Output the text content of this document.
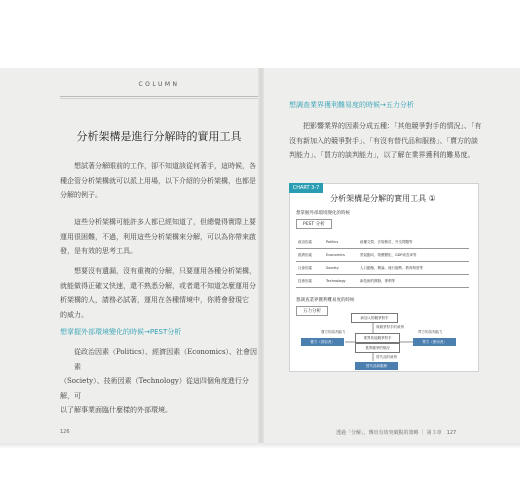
COLUMN
分析架構是進行分解時的實用工具
想試著分解眼前的工作，卻不知道該從何著手，這時候，各
種企管分析架構就可以派上用場，以下介紹的分析架構，也都是
分解的例子。
這些分析架構可能許多人都已經知道了，但總覺得實際上要
運用很困難，不過，利用這些分析架構來分解，可以為你帶來啟
發，是有效的思考工具。
想要沒有遺漏，沒有重複的分解，只要運用各種分析架構，
就能做得正確又快速，還不熟悉分解，或者還不知道怎麼運用分
析架構的人，請務必試著，運用在各種情境中，你將會發現它
的威力。
想掌握外部環境變化的時候→PEST分析
從政治因素（Politics）、經濟因素（Economics）、社會因素
（Society）、技術因素（Technology）從這四個角度進行分解，可
以了解事業面臨什麼樣的外部環境。
126
想調查業界獲利難易度的時候→五力分析
把影響業界的因素分成五種：「其他競爭對手的情況」、「有
沒有新加入的競爭對手」、「有沒有替代品和服務」、「賣方的談
判能力」、「買方的談判能力」，以了解在業界獲利的難易度。
CHART 3-7
分析架構是分解的實用工具 ①
想掌握外部環境變化的時候
PEST 分析
政治因素	Politics	政權交替、法規修訂、外交問題等
經濟因素	Economics	景氣動向、物價變化、GDP成長率等
社會因素	Society	人口動態、興論、流行趨勢、教育制度等
技術因素	Technology	新技術的開發、專利等
想調查業界獲利難易度的時候
五力分析
新加入的競爭對手
與競爭對手的威脅
賣方的談判能力	買方的談判能力
業界其他競爭對手
賣方（供給者）	買方（使用者）
業界競爭的情況
替代品的威脅
替代品和服務
透過「分解」，傳出有效突破點的策略 ｜ 第３章　127
